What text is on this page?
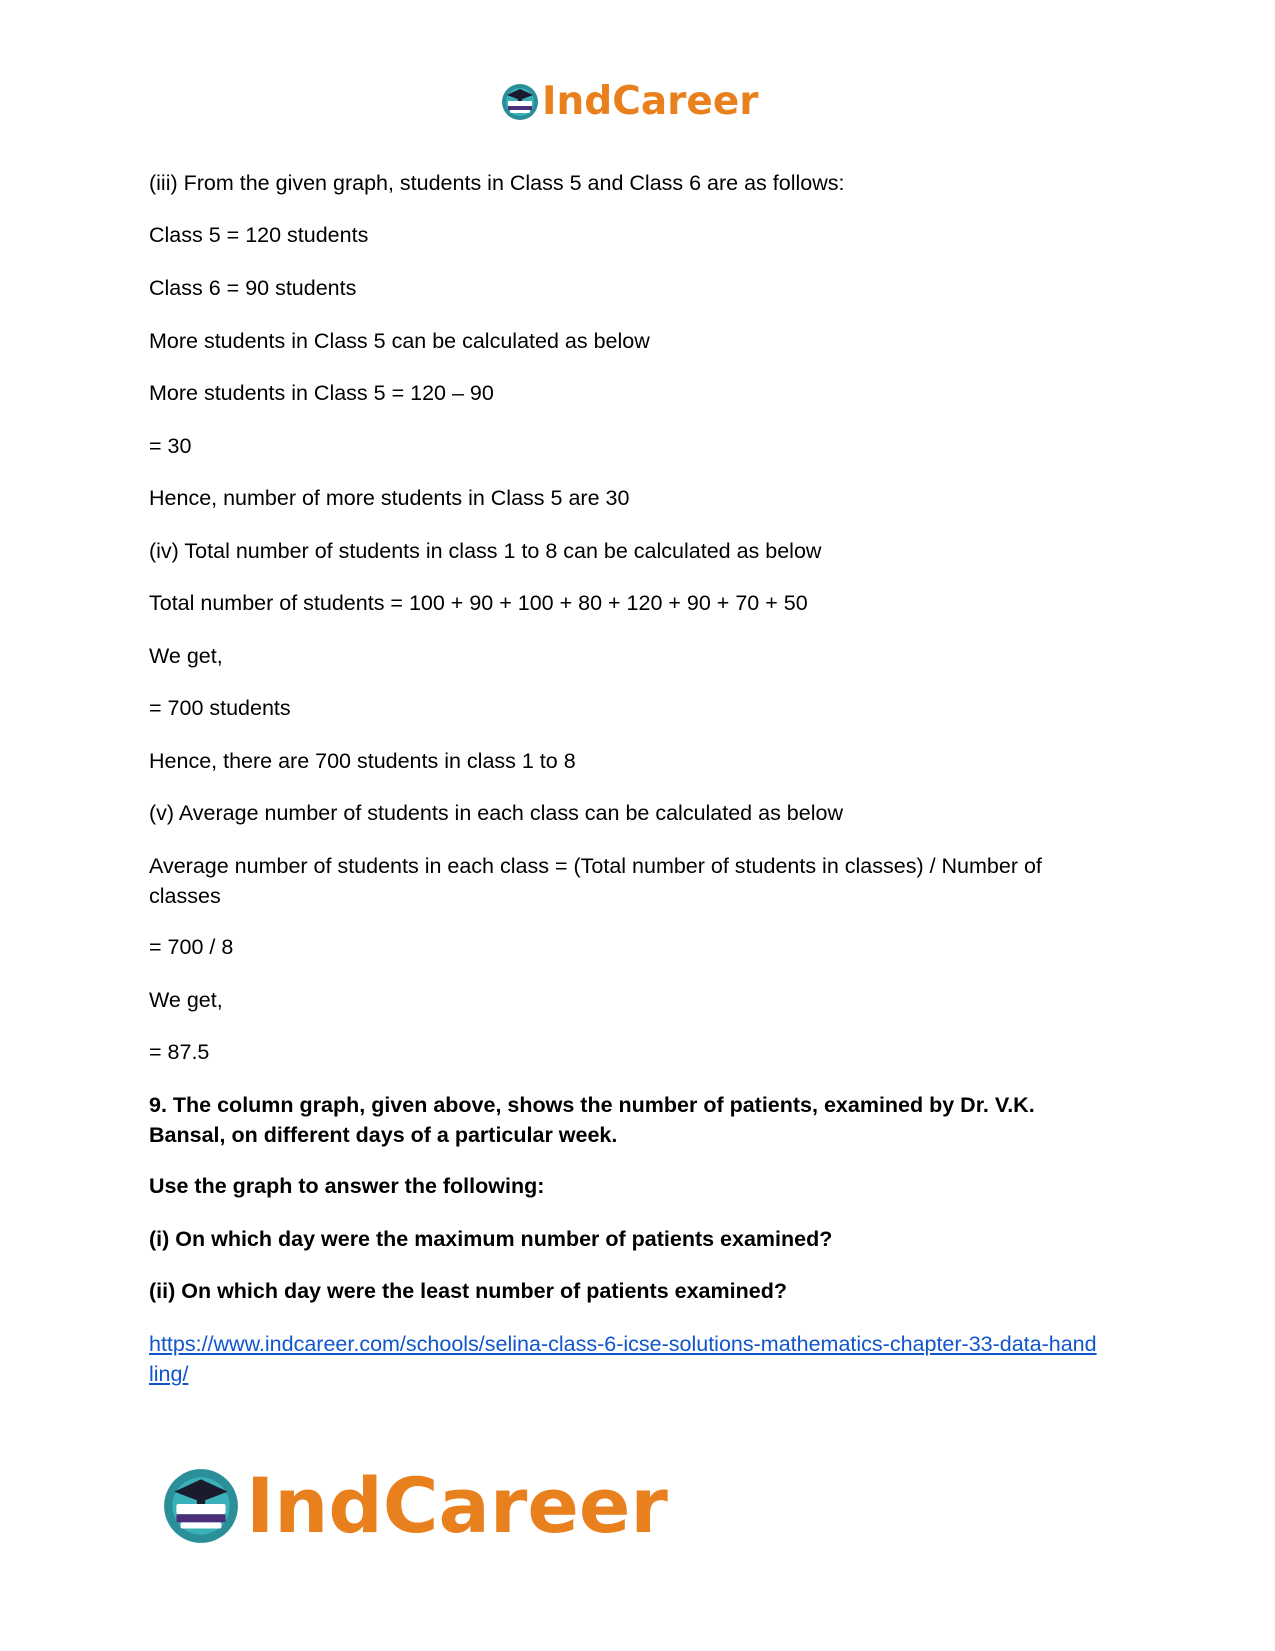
IndCareer

(iii) From the given graph, students in Class 5 and Class 6 are as follows:

Class 5 = 120 students

Class 6 = 90 students

More students in Class 5 can be calculated as below

More students in Class 5 = 120 – 90

= 30

Hence, number of more students in Class 5 are 30

(iv) Total number of students in class 1 to 8 can be calculated as below

Total number of students = 100 + 90 + 100 + 80 + 120 + 90 + 70 + 50

We get,

= 700 students

Hence, there are 700 students in class 1 to 8

(v) Average number of students in each class can be calculated as below

Average number of students in each class = (Total number of students in classes) / Number of classes

= 700 / 8

We get,

= 87.5

9. The column graph, given above, shows the number of patients, examined by Dr. V.K. Bansal, on different days of a particular week.

Use the graph to answer the following:

(i) On which day were the maximum number of patients examined?

(ii) On which day were the least number of patients examined?

https://www.indcareer.com/schools/selina-class-6-icse-solutions-mathematics-chapter-33-data-handling/
IndCareer
